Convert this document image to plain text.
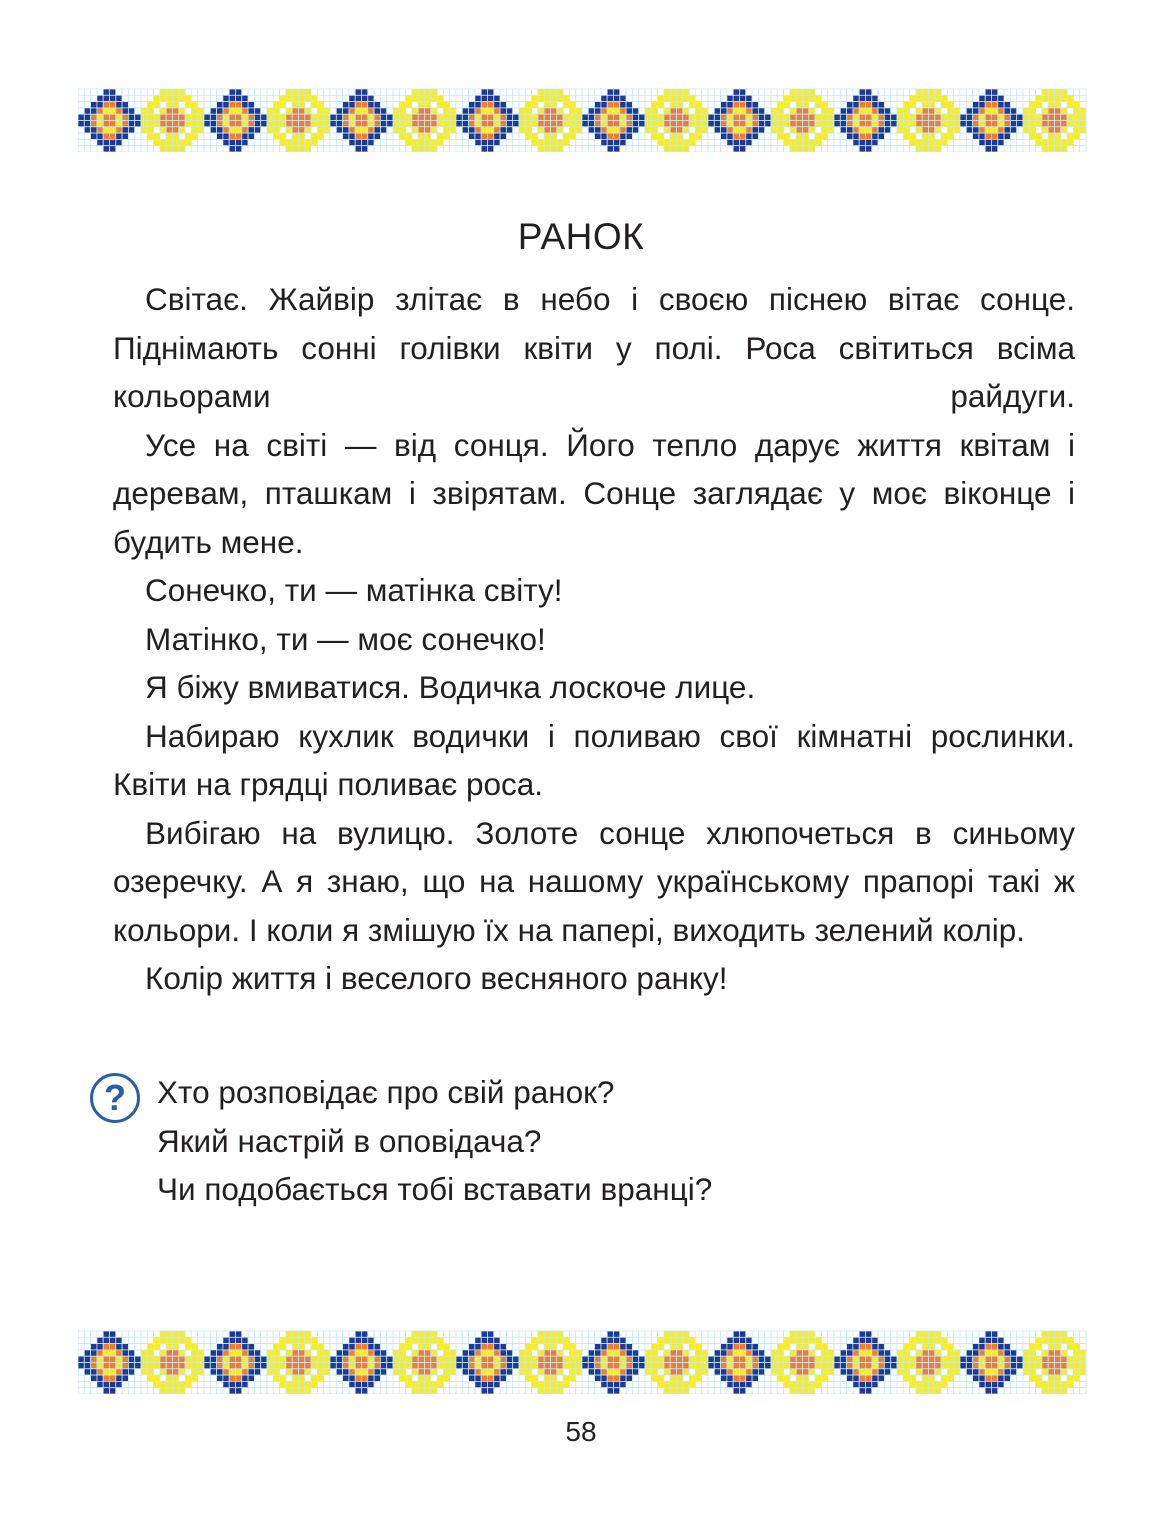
РАНОК

Світає. Жайвір злітає в небо і своєю піснею вітає сонце. Піднімають сонні голівки квіти у полі. Роса світиться всіма кольорами райдуги.

Усе на світі — від сонця. Його тепло дарує життя квітам і деревам, пташкам і звірятам. Сонце заглядає у моє віконце і будить мене.

Сонечко, ти — матінка світу!

Матінко, ти — моє сонечко!

Я біжу вмиватися. Водичка лоскоче лице.

Набираю кухлик водички і поливаю свої кімнатні рослинки. Квіти на грядці поливає роса.

Вибігаю на вулицю. Золоте сонце хлюпочеться в синьому озеречку. А я знаю, що на нашому українському прапорі такі ж кольори. І коли я змішую їх на папері, виходить зелений колір.

Колір життя і веселого весняного ранку!

? Хто розповідає про свій ранок?
Який настрій в оповідача?
Чи подобається тобі вставати вранці?
58
